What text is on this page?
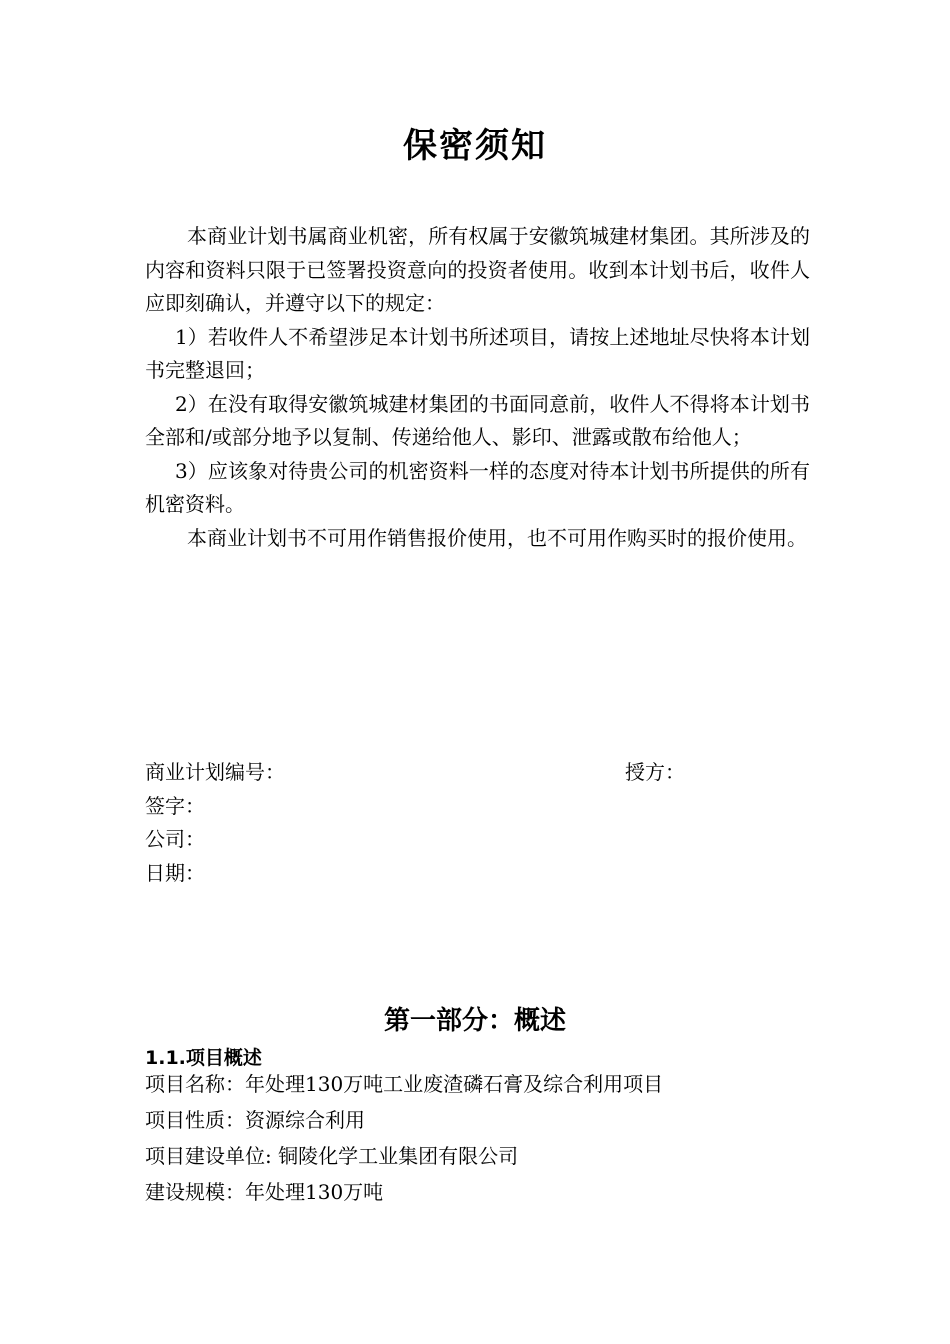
保密须知

本商业计划书属商业机密，所有权属于安徽筑城建材集团。其所涉及的内容和资料只限于已签署投资意向的投资者使用。收到本计划书后，收件人应即刻确认，并遵守以下的规定：

1）若收件人不希望涉足本计划书所述项目，请按上述地址尽快将本计划书完整退回；

2）在没有取得安徽筑城建材集团的书面同意前，收件人不得将本计划书全部和/或部分地予以复制、传递给他人、影印、泄露或散布给他人；

3）应该象对待贵公司的机密资料一样的态度对待本计划书所提供的所有机密资料。

本商业计划书不可用作销售报价使用，也不可用作购买时的报价使用。

商业计划编号：	授方：
签字：
公司：
日期：
第一部分：概述
1.1.项目概述
项目名称：年处理130万吨工业废渣磷石膏及综合利用项目
项目性质：资源综合利用
项目建设单位: 铜陵化学工业集团有限公司
建设规模：年处理130万吨
